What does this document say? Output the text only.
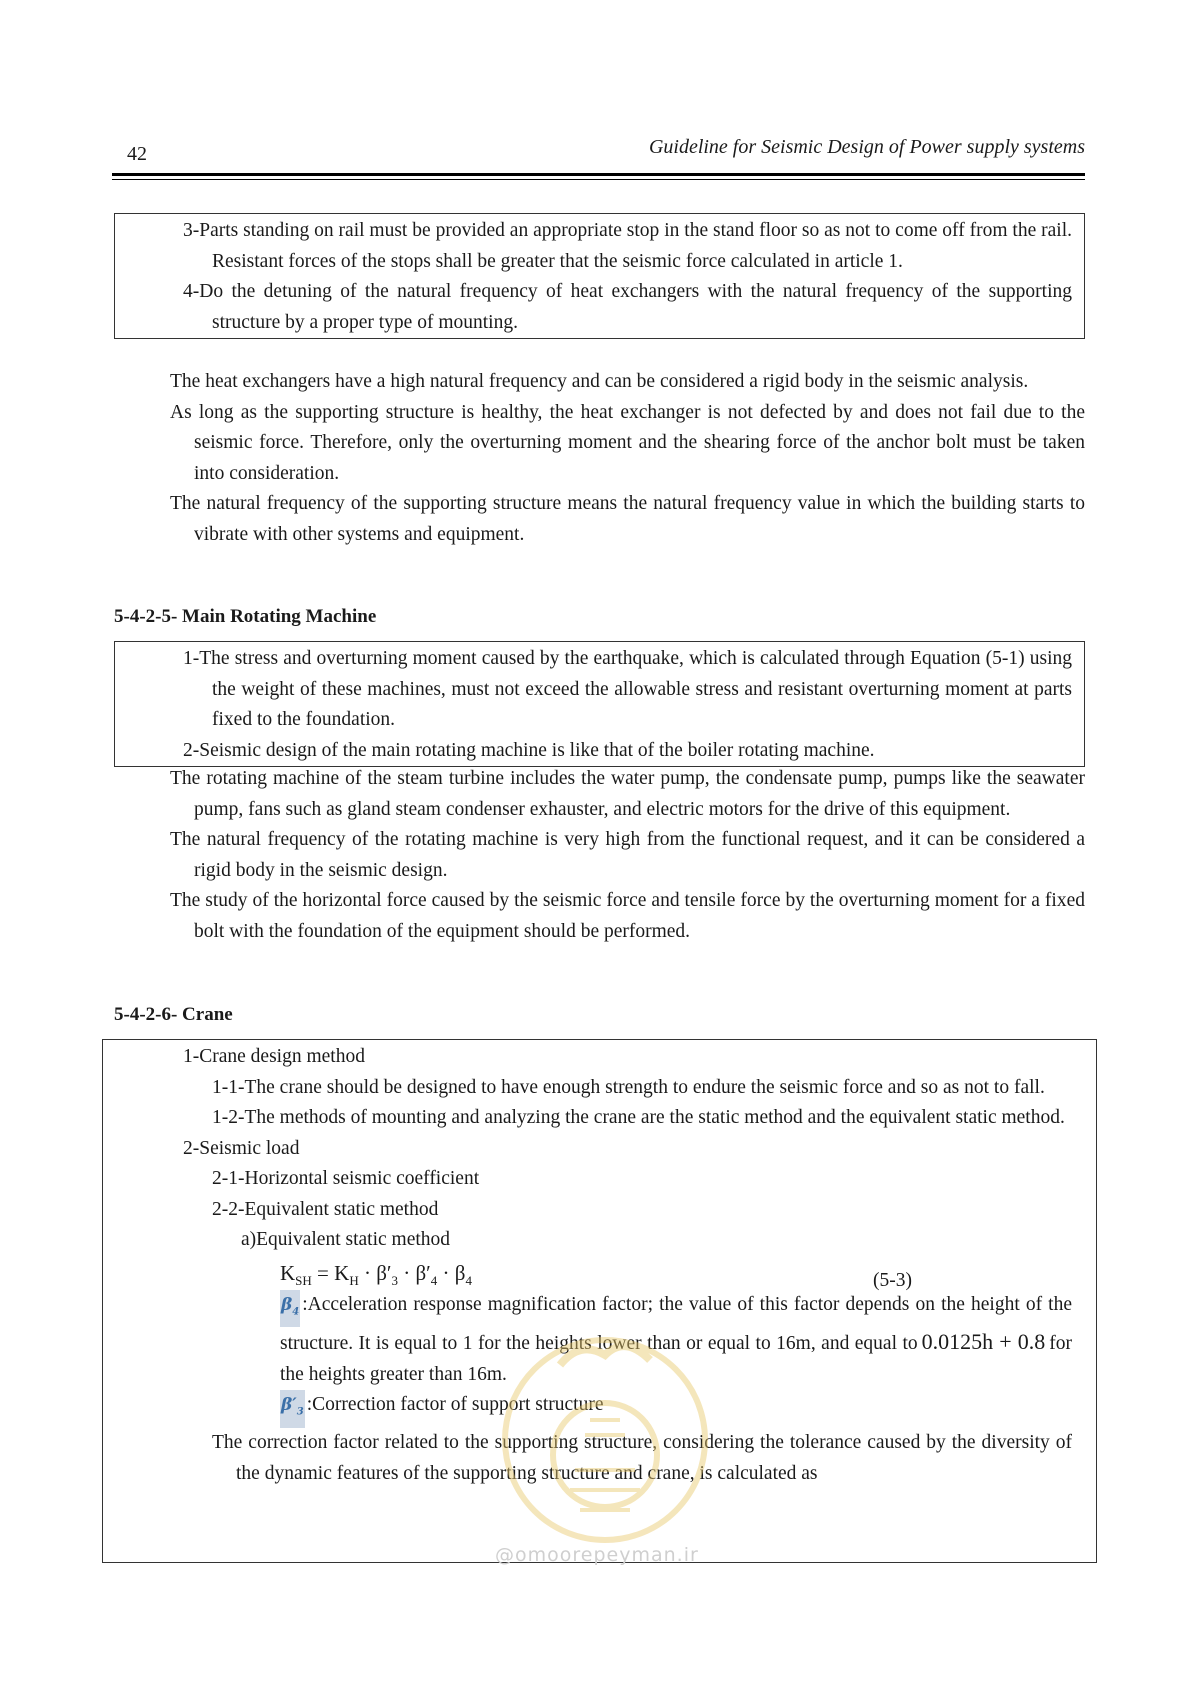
42	Guideline for Seismic Design of Power supply systems

3-Parts standing on rail must be provided an appropriate stop in the stand floor so as not to come off from the rail. Resistant forces of the stops shall be greater that the seismic force calculated in article 1.

4-Do the detuning of the natural frequency of heat exchangers with the natural frequency of the supporting structure by a proper type of mounting.

The heat exchangers have a high natural frequency and can be considered a rigid body in the seismic analysis.

As long as the supporting structure is healthy, the heat exchanger is not defected by and does not fail due to the seismic force. Therefore, only the overturning moment and the shearing force of the anchor bolt must be taken into consideration.

The natural frequency of the supporting structure means the natural frequency value in which the building starts to vibrate with other systems and equipment.

5-4-2-5- Main Rotating Machine

1-The stress and overturning moment caused by the earthquake, which is calculated through Equation (5-1) using the weight of these machines, must not exceed the allowable stress and resistant overturning moment at parts fixed to the foundation.

2-Seismic design of the main rotating machine is like that of the boiler rotating machine.

The rotating machine of the steam turbine includes the water pump, the condensate pump, pumps like the seawater pump, fans such as gland steam condenser exhauster, and electric motors for the drive of this equipment.

The natural frequency of the rotating machine is very high from the functional request, and it can be considered a rigid body in the seismic design.

The study of the horizontal force caused by the seismic force and tensile force by the overturning moment for a fixed bolt with the foundation of the equipment should be performed.

5-4-2-6- Crane

1-Crane design method

1-1-The crane should be designed to have enough strength to endure the seismic force and so as not to fall.

1-2-The methods of mounting and analyzing the crane are the static method and the equivalent static method.

2-Seismic load

2-1-Horizontal seismic coefficient

2-2-Equivalent static method

a)Equivalent static method

$K_{SH} = K_H \cdot \beta'_3 \cdot \beta'_4 \cdot \beta_4$	(5-3)

$\beta_4$ :Acceleration response magnification factor; the value of this factor depends on the height of the structure. It is equal to 1 for the heights lower than or equal to 16m, and equal to 0.0125h + 0.8 for the heights greater than 16m.

$\beta'_3$ :Correction factor of support structure

The correction factor related to the supporting structure, considering the tolerance caused by the diversity of the dynamic features of the supporting structure and crane, is calculated as

@omoorepeyman.ir
